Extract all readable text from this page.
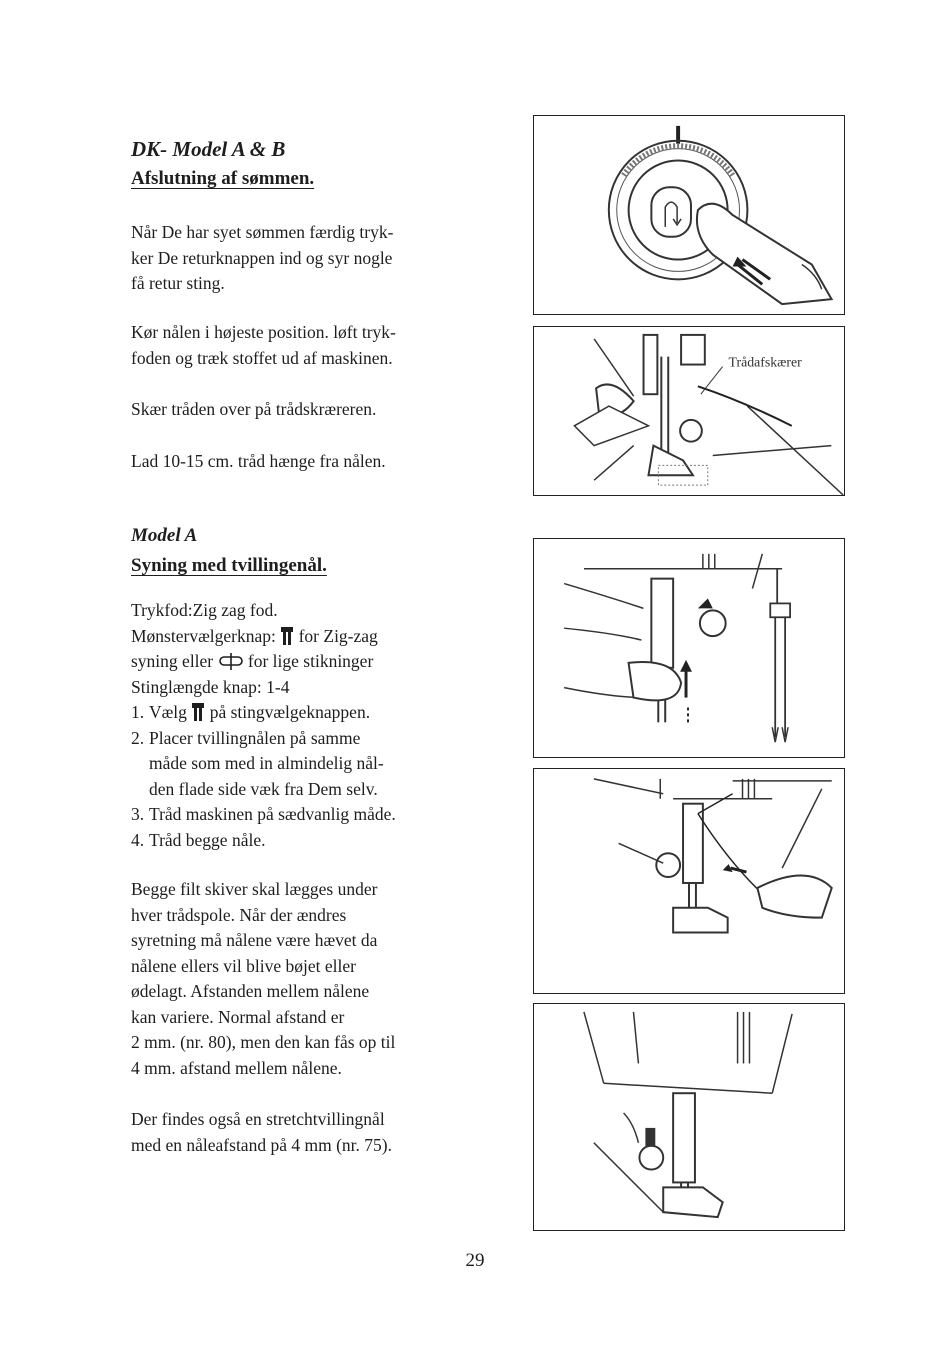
DK- Model A & B
Afslutning af sømmen.

Når De har syet sømmen færdig tryk-

ker De returknappen ind og syr nogle

få retur sting.

Kør nålen i højeste position. løft tryk-

foden og træk stoffet ud af maskinen.

Skær tråden over på trådskræreren.

Lad 10-15 cm. tråd hænge fra nålen.

Model A
Syning med tvillingenål.

Trykfod:Zig zag fod.

Mønstervælgerknap:  for Zig-zag

syning eller  for lige stikninger

Stinglængde knap: 1-4

1. Vælg  på stingvælgeknappen.
2. Placer tvillingnålen på samme
måde som med in almindelig nål-
den flade side væk fra Dem selv.
3. Tråd maskinen på sædvanlig måde.
4. Tråd begge nåle.

Begge filt skiver skal lægges under

hver trådspole. Når der ændres

syretning må nålene være hævet da

nålene ellers vil blive bøjet eller

ødelagt. Afstanden mellem nålene

kan variere. Normal afstand er

2 mm. (nr. 80), men den kan fås op til

4 mm. afstand mellem nålene.

Der findes også en stretchtvillingnål

med en nåleafstand på 4 mm (nr. 75).

Trådafskærer
29
